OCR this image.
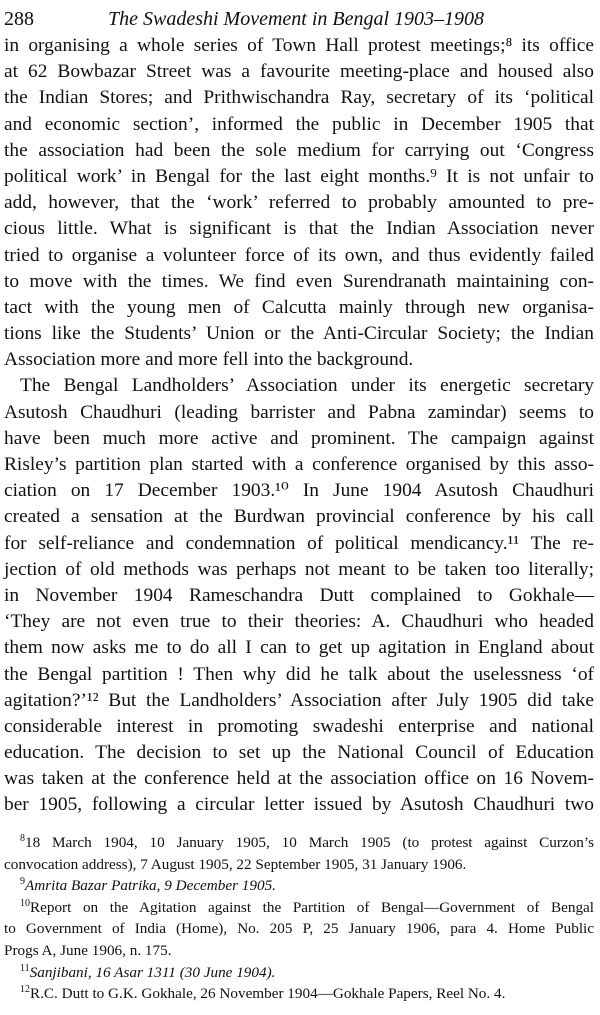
288	The Swadeshi Movement in Bengal 1903–1908
in organising a whole series of Town Hall protest meetings;⁸ its office
at 62 Bowbazar Street was a favourite meeting-place and housed also
the Indian Stores; and Prithwischandra Ray, secretary of its ‘political
and economic section’, informed the public in December 1905 that
the association had been the sole medium for carrying out ‘Congress
political work’ in Bengal for the last eight months.⁹ It is not unfair to
add, however, that the ‘work’ referred to probably amounted to pre-
cious little. What is significant is that the Indian Association never
tried to organise a volunteer force of its own, and thus evidently failed
to move with the times. We find even Surendranath maintaining con-
tact with the young men of Calcutta mainly through new organisa-
tions like the Students’ Union or the Anti-Circular Society; the Indian
Association more and more fell into the background.
The Bengal Landholders’ Association under its energetic secretary
Asutosh Chaudhuri (leading barrister and Pabna zamindar) seems to
have been much more active and prominent. The campaign against
Risley’s partition plan started with a conference organised by this asso-
ciation on 17 December 1903.¹⁰ In June 1904 Asutosh Chaudhuri
created a sensation at the Burdwan provincial conference by his call
for self-reliance and condemnation of political mendicancy.¹¹ The re-
jection of old methods was perhaps not meant to be taken too literally;
in November 1904 Rameschandra Dutt complained to Gokhale—
‘They are not even true to their theories: A. Chaudhuri who headed
them now asks me to do all I can to get up agitation in England about
the Bengal partition ! Then why did he talk about the uselessness ‘of
agitation?’¹² But the Landholders’ Association after July 1905 did take
considerable interest in promoting swadeshi enterprise and national
education. The decision to set up the National Council of Education
was taken at the conference held at the association office on 16 Novem-
ber 1905, following a circular letter issued by Asutosh Chaudhuri two
$^8$18 March 1904, 10 January 1905, 10 March 1905 (to protest against Curzon’s
convocation address), 7 August 1905, 22 September 1905, 31 January 1906.
$^9$Amrita Bazar Patrika, 9 December 1905.
$^{10}$Report on the Agitation against the Partition of Bengal—Government of Bengal
to Government of India (Home), No. 205 P, 25 January 1906, para 4. Home Public
Progs A, June 1906, n. 175.
$^{11}$Sanjibani, 16 Asar 1311 (30 June 1904).
$^{12}$R.C. Dutt to G.K. Gokhale, 26 November 1904—Gokhale Papers, Reel No. 4.
